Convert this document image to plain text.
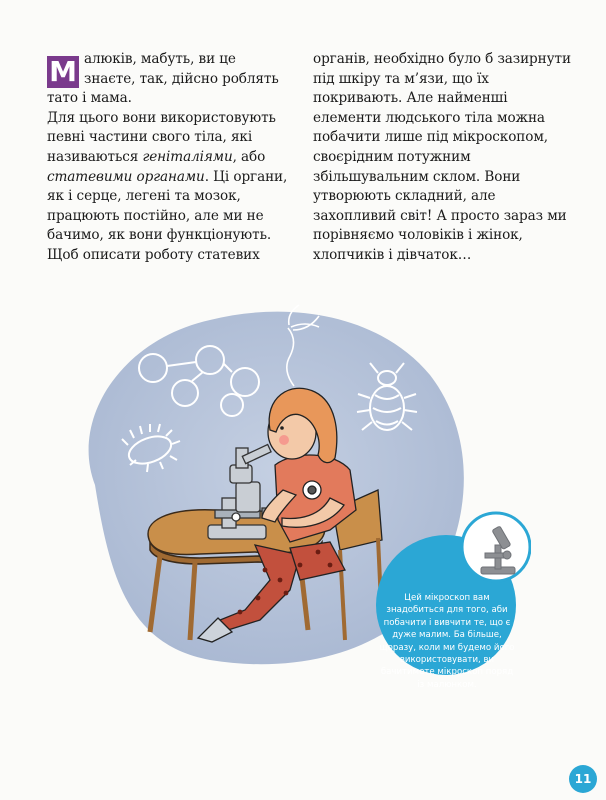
М алюків, мабуть, ви це
знаєте, так, дійсно роблять
тато і мама.

Для цього вони використовують певні частини свого тіла, які називаються геніталіями, або статевими органами. Ці органи, як і серце, легені та мозок, працюють постійно, але ми не бачимо, як вони функціонують. Щоб описати роботу статевих

органів, необхідно було б зазирнути під шкіру та м’язи, що їх покривають. Але найменші елементи людського тіла можна побачити лише під мікроскопом, своєрідним потужним збільшувальним склом. Вони утворюють складний, але захопливий світ! А просто зараз ми порівняємо чоловіків і жінок, хлопчиків і дівчаток…

Цей мікроскоп вам знадобиться для того, аби побачити і вивчити те, що є дуже малим. Ба більше, щоразу, коли ми будемо його використовувати, ви бачитимете мікроскоп поряд із малюнком.
11
